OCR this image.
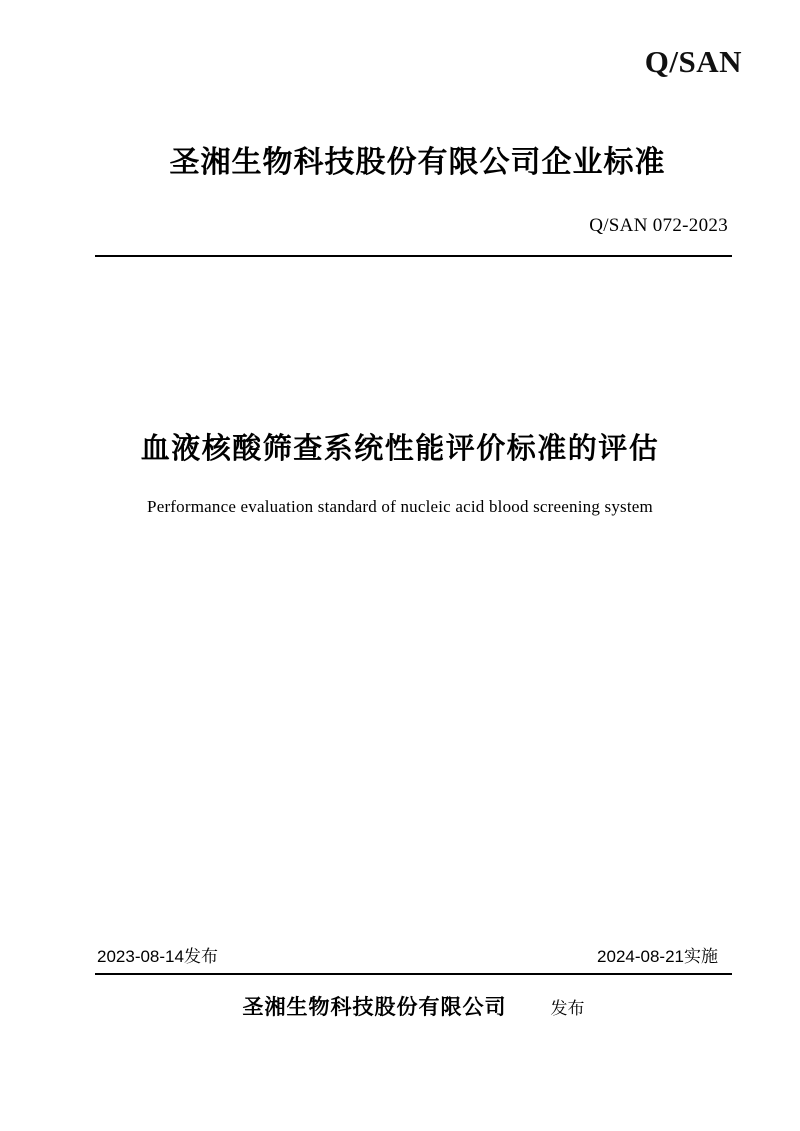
Q/SAN
圣湘生物科技股份有限公司企业标准
Q/SAN 072-2023
血液核酸筛查系统性能评价标准的评估
Performance evaluation standard of nucleic acid blood screening system
2023-08-14发布	2024-08-21实施
圣湘生物科技股份有限公司	发布
